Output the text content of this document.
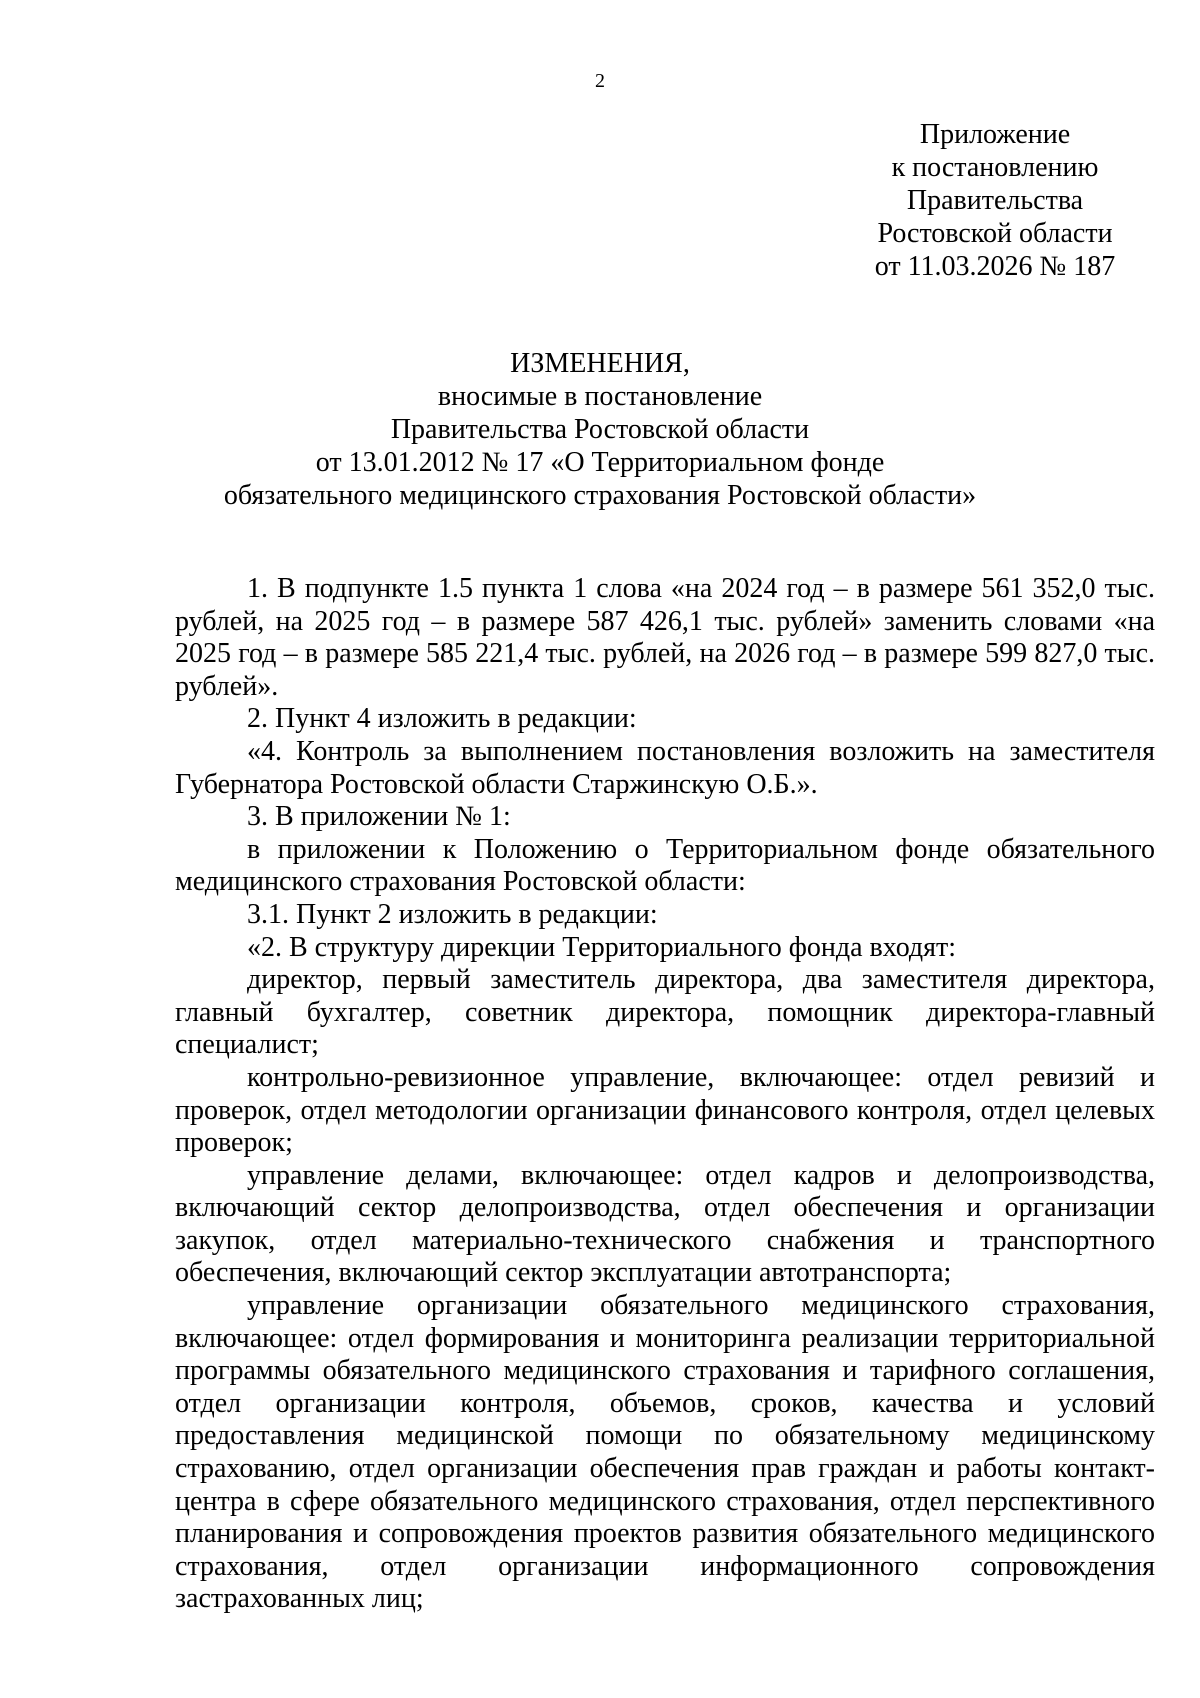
2
Приложение
к постановлению
Правительства
Ростовской области
от 11.03.2026 № 187
ИЗМЕНЕНИЯ,
вносимые в постановление
Правительства Ростовской области
от 13.01.2012 № 17 «О Территориальном фонде
обязательного медицинского страхования Ростовской области»

1. В подпункте 1.5 пункта 1 слова «на 2024 год – в размере 561 352,0 тыс. рублей, на 2025 год – в размере 587 426,1 тыс. рублей» заменить словами «на 2025 год – в размере 585 221,4 тыс. рублей, на 2026 год – в размере 599 827,0 тыс. рублей».

2. Пункт 4 изложить в редакции:

«4. Контроль за выполнением постановления возложить на заместителя Губернатора Ростовской области Старжинскую О.Б.».

3. В приложении № 1:

в приложении к Положению о Территориальном фонде обязательного медицинского страхования Ростовской области:

3.1. Пункт 2 изложить в редакции:

«2. В структуру дирекции Территориального фонда входят:

директор, первый заместитель директора, два заместителя директора, главный бухгалтер, советник директора, помощник директора-главный специалист;

контрольно-ревизионное управление, включающее: отдел ревизий и проверок, отдел методологии организации финансового контроля, отдел целевых проверок;

управление делами, включающее: отдел кадров и делопроизводства, включающий сектор делопроизводства, отдел обеспечения и организации закупок, отдел материально-технического снабжения и транспортного обеспечения, включающий сектор эксплуатации автотранспорта;

управление организации обязательного медицинского страхования, включающее: отдел формирования и мониторинга реализации территориальной программы обязательного медицинского страхования и тарифного соглашения, отдел организации контроля, объемов, сроков, качества и условий предоставления медицинской помощи по обязательному медицинскому страхованию, отдел организации обеспечения прав граждан и работы контакт-центра в сфере обязательного медицинского страхования, отдел перспективного планирования и сопровождения проектов развития обязательного медицинского страхования, отдел организации информационного сопровождения застрахованных лиц;
